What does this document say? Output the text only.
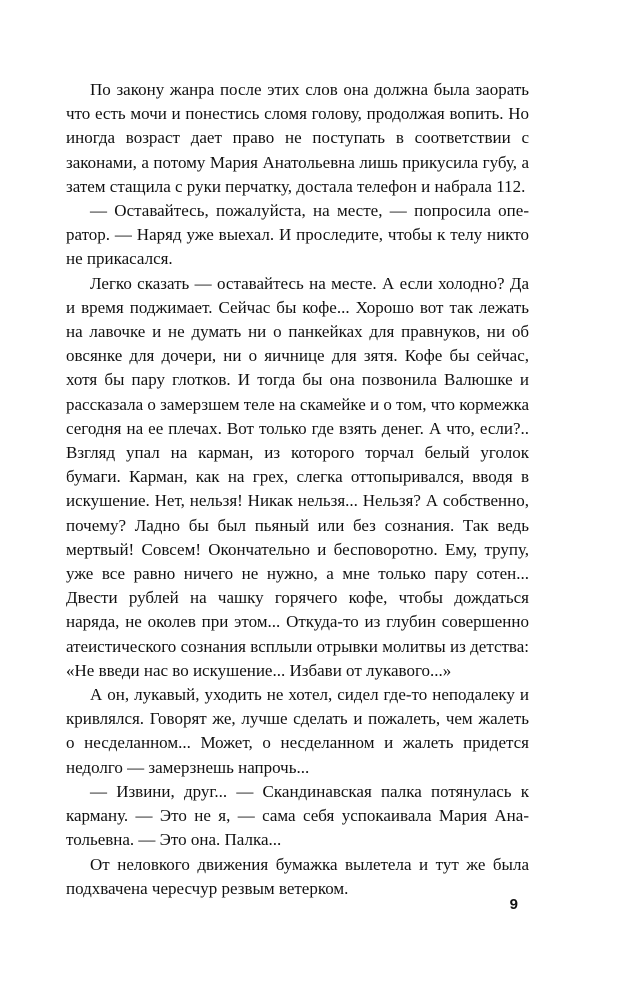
По закону жанра после этих слов она должна была заорать что есть мочи и понестись сломя голову, продолжая вопить. Но иногда возраст дает право не поступать в соответствии с законами, а потому Мария Анатольевна лишь прикусила губу, а затем стащила с руки перчатку, достала телефон и набрала 112.

— Оставайтесь, пожалуйста, на месте, — попросила оператор. — Наряд уже выехал. И проследите, чтобы к телу никто не прикасался.

Легко сказать — оставайтесь на месте. А если холодно? Да и время поджимает. Сейчас бы кофе... Хорошо вот так лежать на лавочке и не думать ни о панкейках для правнуков, ни об овсянке для дочери, ни о яичнице для зятя. Кофе бы сейчас, хотя бы пару глотков. И тогда бы она позвонила Валюшке и рассказала о замерзшем теле на скамейке и о том, что кормежка сегодня на ее плечах. Вот только где взять денег. А что, если?.. Взгляд упал на карман, из которого торчал белый уголок бумаги. Карман, как на грех, слегка оттопыривался, вводя в искушение. Нет, нельзя! Никак нельзя... Нельзя? А собственно, почему? Ладно бы был пьяный или без сознания. Так ведь мертвый! Совсем! Окончательно и бесповоротно. Ему, трупу, уже все равно ничего не нужно, а мне только пару сотен... Двести рублей на чашку горячего кофе, чтобы дождаться наряда, не околев при этом... Откуда-то из глубин совершенно атеистического сознания всплыли отрывки молитвы из детства: «Не введи нас во искушение... Избави от лукавого...»

А он, лукавый, уходить не хотел, сидел где-то неподалеку и кривлялся. Говорят же, лучше сделать и пожалеть, чем жалеть о несделанном... Может, о несделанном и жалеть придется недолго — замерзнешь напрочь...

— Извини, друг... — Скандинавская палка потянулась к карману. — Это не я, — сама себя успокаивала Мария Анатольевна. — Это она. Палка...

От неловкого движения бумажка вылетела и тут же была подхвачена чересчур резвым ветерком.

9
